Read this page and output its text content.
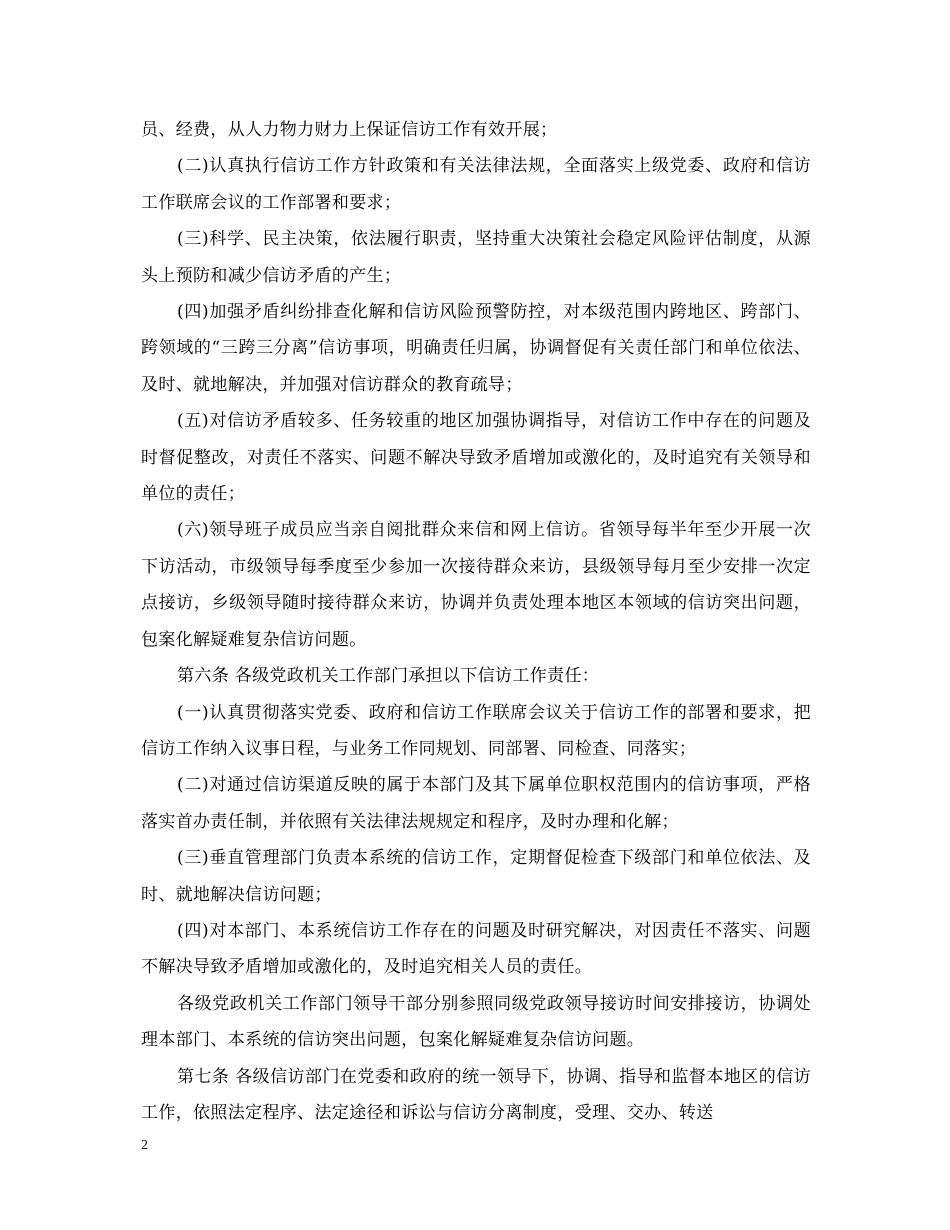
员、经费，从人力物力财力上保证信访工作有效开展；

(二)认真执行信访工作方针政策和有关法律法规，全面落实上级党委、政府和信访工作联席会议的工作部署和要求；

(三)科学、民主决策，依法履行职责，坚持重大决策社会稳定风险评估制度，从源头上预防和减少信访矛盾的产生；

(四)加强矛盾纠纷排查化解和信访风险预警防控，对本级范围内跨地区、跨部门、跨领域的“三跨三分离”信访事项，明确责任归属，协调督促有关责任部门和单位依法、及时、就地解决，并加强对信访群众的教育疏导；

(五)对信访矛盾较多、任务较重的地区加强协调指导，对信访工作中存在的问题及时督促整改，对责任不落实、问题不解决导致矛盾增加或激化的，及时追究有关领导和单位的责任；

(六)领导班子成员应当亲自阅批群众来信和网上信访。省领导每半年至少开展一次下访活动，市级领导每季度至少参加一次接待群众来访，县级领导每月至少安排一次定点接访，乡级领导随时接待群众来访，协调并负责处理本地区本领域的信访突出问题，包案化解疑难复杂信访问题。

第六条 各级党政机关工作部门承担以下信访工作责任：

(一)认真贯彻落实党委、政府和信访工作联席会议关于信访工作的部署和要求，把信访工作纳入议事日程，与业务工作同规划、同部署、同检查、同落实；

(二)对通过信访渠道反映的属于本部门及其下属单位职权范围内的信访事项，严格落实首办责任制，并依照有关法律法规规定和程序，及时办理和化解；

(三)垂直管理部门负责本系统的信访工作，定期督促检查下级部门和单位依法、及时、就地解决信访问题；

(四)对本部门、本系统信访工作存在的问题及时研究解决，对因责任不落实、问题不解决导致矛盾增加或激化的，及时追究相关人员的责任。

各级党政机关工作部门领导干部分别参照同级党政领导接访时间安排接访，协调处理本部门、本系统的信访突出问题，包案化解疑难复杂信访问题。

第七条 各级信访部门在党委和政府的统一领导下，协调、指导和监督本地区的信访工作，依照法定程序、法定途径和诉讼与信访分离制度，受理、交办、转送

2
